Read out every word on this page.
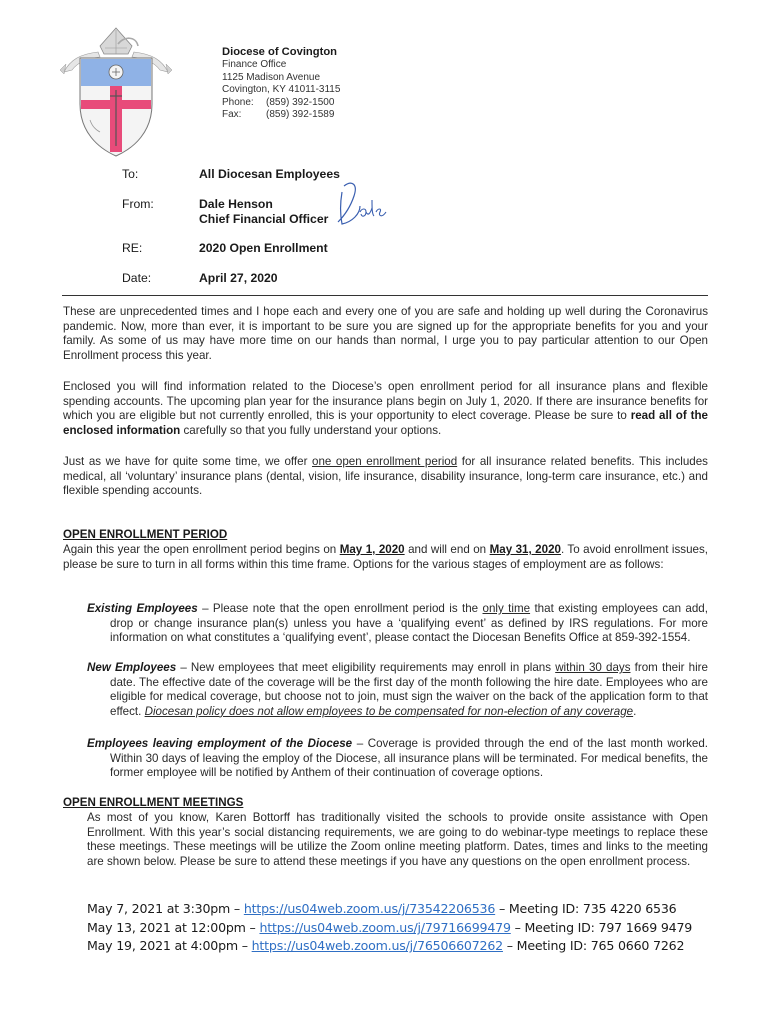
Diocese of Covington
Finance Office
1125 Madison Avenue
Covington, KY 41011-3115
Phone: (859) 392-1500
Fax: (859) 392-1589
To:	All Diocesan Employees
From:	Dale Henson
Chief Financial Officer
RE:	2020 Open Enrollment
Date:	April 27, 2020

These are unprecedented times and I hope each and every one of you are safe and holding up well during the Coronavirus pandemic. Now, more than ever, it is important to be sure you are signed up for the appropriate benefits for you and your family. As some of us may have more time on our hands than normal, I urge you to pay particular attention to our Open Enrollment process this year.

Enclosed you will find information related to the Diocese’s open enrollment period for all insurance plans and flexible spending accounts. The upcoming plan year for the insurance plans begin on July 1, 2020. If there are insurance benefits for which you are eligible but not currently enrolled, this is your opportunity to elect coverage. Please be sure to read all of the enclosed information carefully so that you fully understand your options.

Just as we have for quite some time, we offer one open enrollment period for all insurance related benefits. This includes medical, all ‘voluntary’ insurance plans (dental, vision, life insurance, disability insurance, long-term care insurance, etc.) and flexible spending accounts.

OPEN ENROLLMENT PERIOD

Again this year the open enrollment period begins on May 1, 2020 and will end on May 31, 2020. To avoid enrollment issues, please be sure to turn in all forms within this time frame. Options for the various stages of employment are as follows:

Existing Employees – Please note that the open enrollment period is the only time that existing employees can add, drop or change insurance plan(s) unless you have a ‘qualifying event’ as defined by IRS regulations. For more information on what constitutes a ‘qualifying event’, please contact the Diocesan Benefits Office at 859-392-1554.
New Employees – New employees that meet eligibility requirements may enroll in plans within 30 days from their hire date. The effective date of the coverage will be the first day of the month following the hire date. Employees who are eligible for medical coverage, but choose not to join, must sign the waiver on the back of the application form to that effect. Diocesan policy does not allow employees to be compensated for non-election of any coverage.
Employees leaving employment of the Diocese – Coverage is provided through the end of the last month worked. Within 30 days of leaving the employ of the Diocese, all insurance plans will be terminated. For medical benefits, the former employee will be notified by Anthem of their continuation of coverage options.
OPEN ENROLLMENT MEETINGS
As most of you know, Karen Bottorff has traditionally visited the schools to provide onsite assistance with Open Enrollment. With this year’s social distancing requirements, we are going to do webinar-type meetings to replace these these meetings. These meetings will be utilize the Zoom online meeting platform. Dates, times and links to the meeting are shown below. Please be sure to attend these meetings if you have any questions on the open enrollment process.
May 7, 2021 at 3:30pm – https://us04web.zoom.us/j/73542206536 – Meeting ID: 735 4220 6536
May 13, 2021 at 12:00pm – https://us04web.zoom.us/j/79716699479 – Meeting ID: 797 1669 9479
May 19, 2021 at 4:00pm – https://us04web.zoom.us/j/76506607262 – Meeting ID: 765 0660 7262
